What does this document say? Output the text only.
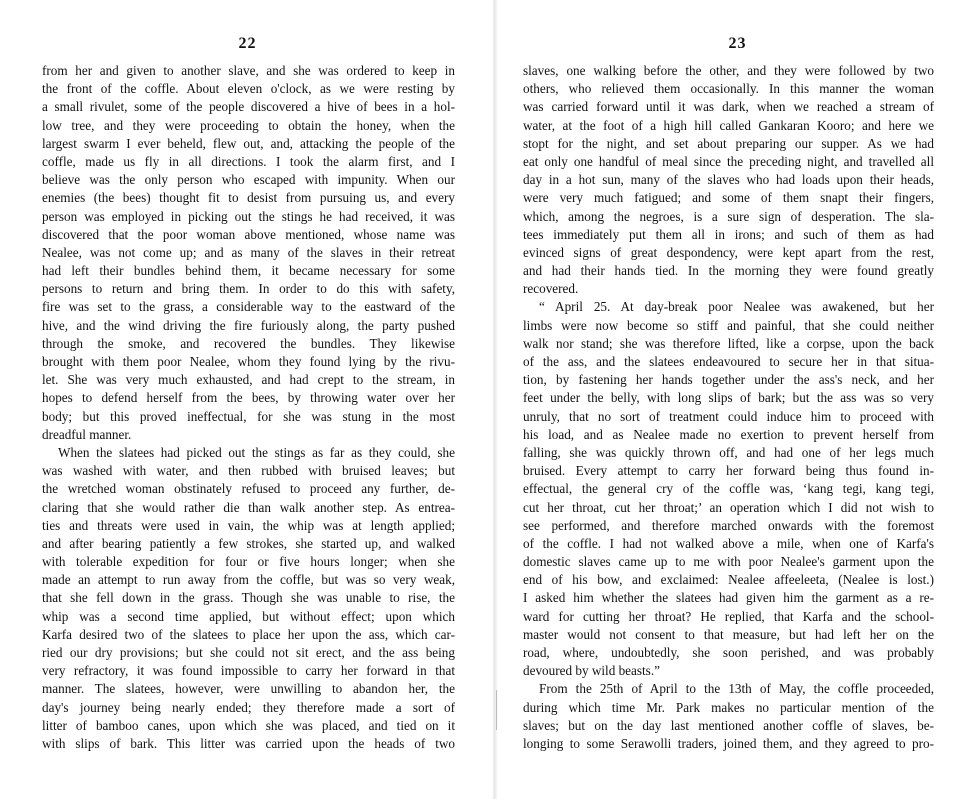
22
from her and given to another slave, and she was ordered to keep in
the front of the coffle. About eleven o'clock, as we were resting by
a small rivulet, some of the people discovered a hive of bees in a hol-
low tree, and they were proceeding to obtain the honey, when the
largest swarm I ever beheld, flew out, and, attacking the people of the
coffle, made us fly in all directions. I took the alarm first, and I
believe was the only person who escaped with impunity. When our
enemies (the bees) thought fit to desist from pursuing us, and every
person was employed in picking out the stings he had received, it was
discovered that the poor woman above mentioned, whose name was
Nealee, was not come up; and as many of the slaves in their retreat
had left their bundles behind them, it became necessary for some
persons to return and bring them. In order to do this with safety,
fire was set to the grass, a considerable way to the eastward of the
hive, and the wind driving the fire furiously along, the party pushed
through the smoke, and recovered the bundles. They likewise
brought with them poor Nealee, whom they found lying by the rivu-
let. She was very much exhausted, and had crept to the stream, in
hopes to defend herself from the bees, by throwing water over her
body; but this proved ineffectual, for she was stung in the most
dreadful manner.
When the slatees had picked out the stings as far as they could, she
was washed with water, and then rubbed with bruised leaves; but
the wretched woman obstinately refused to proceed any further, de-
claring that she would rather die than walk another step. As entrea-
ties and threats were used in vain, the whip was at length applied;
and after bearing patiently a few strokes, she started up, and walked
with tolerable expedition for four or five hours longer; when she
made an attempt to run away from the coffle, but was so very weak,
that she fell down in the grass. Though she was unable to rise, the
whip was a second time applied, but without effect; upon which
Karfa desired two of the slatees to place her upon the ass, which car-
ried our dry provisions; but she could not sit erect, and the ass being
very refractory, it was found impossible to carry her forward in that
manner. The slatees, however, were unwilling to abandon her, the
day's journey being nearly ended; they therefore made a sort of
litter of bamboo canes, upon which she was placed, and tied on it
with slips of bark. This litter was carried upon the heads of two
23
slaves, one walking before the other, and they were followed by two
others, who relieved them occasionally. In this manner the woman
was carried forward until it was dark, when we reached a stream of
water, at the foot of a high hill called Gankaran Kooro; and here we
stopt for the night, and set about preparing our supper. As we had
eat only one handful of meal since the preceding night, and travelled all
day in a hot sun, many of the slaves who had loads upon their heads,
were very much fatigued; and some of them snapt their fingers,
which, among the negroes, is a sure sign of desperation. The sla-
tees immediately put them all in irons; and such of them as had
evinced signs of great despondency, were kept apart from the rest,
and had their hands tied. In the morning they were found greatly
recovered.
“ April 25. At day-break poor Nealee was awakened, but her
limbs were now become so stiff and painful, that she could neither
walk nor stand; she was therefore lifted, like a corpse, upon the back
of the ass, and the slatees endeavoured to secure her in that situa-
tion, by fastening her hands together under the ass's neck, and her
feet under the belly, with long slips of bark; but the ass was so very
unruly, that no sort of treatment could induce him to proceed with
his load, and as Nealee made no exertion to prevent herself from
falling, she was quickly thrown off, and had one of her legs much
bruised. Every attempt to carry her forward being thus found in-
effectual, the general cry of the coffle was, ‘kang tegi, kang tegi,
cut her throat, cut her throat;’ an operation which I did not wish to
see performed, and therefore marched onwards with the foremost
of the coffle. I had not walked above a mile, when one of Karfa's
domestic slaves came up to me with poor Nealee's garment upon the
end of his bow, and exclaimed: Nealee affeeleeta, (Nealee is lost.)
I asked him whether the slatees had given him the garment as a re-
ward for cutting her throat? He replied, that Karfa and the school-
master would not consent to that measure, but had left her on the
road, where, undoubtedly, she soon perished, and was probably
devoured by wild beasts.”
From the 25th of April to the 13th of May, the coffle proceeded,
during which time Mr. Park makes no particular mention of the
slaves; but on the day last mentioned another coffle of slaves, be-
longing to some Serawolli traders, joined them, and they agreed to pro-
